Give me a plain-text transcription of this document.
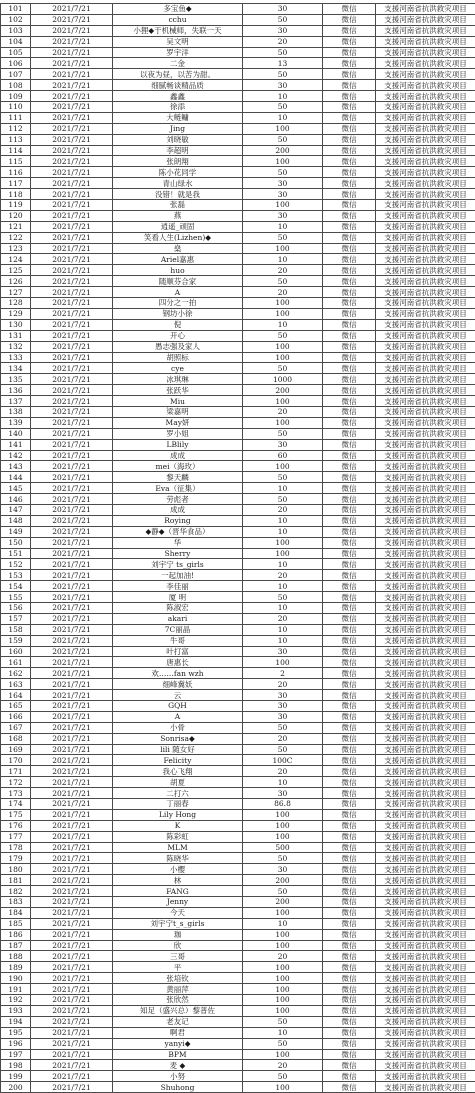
101	2021/7/21	多宝鱼◆	30	微信	支援河南省抗洪救灾项目
102	2021/7/21	cchu	50	微信	支援河南省抗洪救灾项目
103	2021/7/21	小狸◆于机械师，失联一天	30	微信	支援河南省抗洪救灾项目
104	2021/7/21	吴文明	20	微信	支援河南省抗洪救灾项目
105	2021/7/21	罗宇洋	50	微信	支援河南省抗洪救灾项目
106	2021/7/21	二金	13	微信	支援河南省抗洪救灾项目
107	2021/7/21	以夜为昼，以苦为甜。	50	微信	支援河南省抗洪救灾项目
108	2021/7/21	细腻畅谈精品质	30	微信	支援河南省抗洪救灾项目
109	2021/7/21	鑫鑫	10	微信	支援河南省抗洪救灾项目
110	2021/7/21	徐添	50	微信	支援河南省抗洪救灾项目
111	2021/7/21	大鲢鳙	10	微信	支援河南省抗洪救灾项目
112	2021/7/21	Jing	100	微信	支援河南省抗洪救灾项目
113	2021/7/21	刘晓敏	50	微信	支援河南省抗洪救灾项目
114	2021/7/21	李超明	200	微信	支援河南省抗洪救灾项目
115	2021/7/21	张朗翔	100	微信	支援河南省抗洪救灾项目
116	2021/7/21	陈小花同学	50	微信	支援河南省抗洪救灾项目
117	2021/7/21	青山绿水	30	微信	支援河南省抗洪救灾项目
118	2021/7/21	没错！就是我	30	微信	支援河南省抗洪救灾项目
119	2021/7/21	张磊	100	微信	支援河南省抗洪救灾项目
120	2021/7/21	燕	30	微信	支援河南省抗洪救灾项目
121	2021/7/21	逍遥_顽固	10	微信	支援河南省抗洪救灾项目
122	2021/7/21	笑看人生(Lizhen)◆	50	微信	支援河南省抗洪救灾项目
123	2021/7/21	燊	100	微信	支援河南省抗洪救灾项目
124	2021/7/21	Ariel嘉惠	10	微信	支援河南省抗洪救灾项目
125	2021/7/21	huo	20	微信	支援河南省抗洪救灾项目
126	2021/7/21	随顺芬合家	50	微信	支援河南省抗洪救灾项目
127	2021/7/21	A	20	微信	支援河南省抗洪救灾项目
128	2021/7/21	四分之一拍	100	微信	支援河南省抗洪救灾项目
129	2021/7/21	钢坊小徐	100	微信	支援河南省抗洪救灾项目
130	2021/7/21	倪	10	微信	支援河南省抗洪救灾项目
131	2021/7/21	开心	50	微信	支援河南省抗洪救灾项目
132	2021/7/21	愚志强及家人	100	微信	支援河南省抗洪救灾项目
133	2021/7/21	胡照标	100	微信	支援河南省抗洪救灾项目
134	2021/7/21	cye	50	微信	支援河南省抗洪救灾项目
135	2021/7/21	冰琪琳	1000	微信	支援河南省抗洪救灾项目
136	2021/7/21	张跃华	200	微信	支援河南省抗洪救灾项目
137	2021/7/21	Miu	100	微信	支援河南省抗洪救灾项目
138	2021/7/21	梁嘉明	20	微信	支援河南省抗洪救灾项目
139	2021/7/21	May妍	100	微信	支援河南省抗洪救灾项目
140	2021/7/21	罗小姐	50	微信	支援河南省抗洪救灾项目
141	2021/7/21	LBlily	30	微信	支援河南省抗洪救灾项目
142	2021/7/21	成成	60	微信	支援河南省抗洪救灾项目
143	2021/7/21	mei（海玫）	100	微信	支援河南省抗洪救灾项目
144	2021/7/21	黎天麟	50	微信	支援河南省抗洪救灾项目
145	2021/7/21	Eva（征集）	10	微信	支援河南省抗洪救灾项目
146	2021/7/21	劳彪者	50	微信	支援河南省抗洪救灾项目
147	2021/7/21	成成	20	微信	支援河南省抗洪救灾项目
148	2021/7/21	Roying	10	微信	支援河南省抗洪救灾项目
149	2021/7/21	◆静◆（晋华食品）	10	微信	支援河南省抗洪救灾项目
150	2021/7/21	华	100	微信	支援河南省抗洪救灾项目
151	2021/7/21	Sherry	100	微信	支援河南省抗洪救灾项目
152	2021/7/21	刘宇宁 ts_girls	10	微信	支援河南省抗洪救灾项目
153	2021/7/21	一起加油!	20	微信	支援河南省抗洪救灾项目
154	2021/7/21	李佳丽	10	微信	支援河南省抗洪救灾项目
155	2021/7/21	厦 明	50	微信	支援河南省抗洪救灾项目
156	2021/7/21	陈淑宏	10	微信	支援河南省抗洪救灾项目
157	2021/7/21	akari	20	微信	支援河南省抗洪救灾项目
158	2021/7/21	7C丽晶	10	微信	支援河南省抗洪救灾项目
159	2021/7/21	牛哥	10	微信	支援河南省抗洪救灾项目
160	2021/7/21	叶打富	30	微信	支援河南省抗洪救灾项目
161	2021/7/21	唐惠长	100	微信	支援河南省抗洪救灾项目
162	2021/7/21	欢……fan wzh	2	微信	支援河南省抗洪救灾项目
163	2021/7/21	细峰冀妖	20	微信	支援河南省抗洪救灾项目
164	2021/7/21	云	30	微信	支援河南省抗洪救灾项目
165	2021/7/21	GQH	30	微信	支援河南省抗洪救灾项目
166	2021/7/21	A	30	微信	支援河南省抗洪救灾项目
167	2021/7/21	小骨	50	微信	支援河南省抗洪救灾项目
168	2021/7/21	Sonrisa◆	20	微信	支援河南省抗洪救灾项目
169	2021/7/21	lili 随女好	50	微信	支援河南省抗洪救灾项目
170	2021/7/21	Felicity	100C	微信	支援河南省抗洪救灾项目
171	2021/7/21	我心飞翔	20	微信	支援河南省抗洪救灾项目
172	2021/7/21	胡夏	10	微信	支援河南省抗洪救灾项目
173	2021/7/21	二打六	30	微信	支援河南省抗洪救灾项目
174	2021/7/21	丁丽春	86.8	微信	支援河南省抗洪救灾项目
175	2021/7/21	Lily Hong	100	微信	支援河南省抗洪救灾项目
176	2021/7/21	K	100	微信	支援河南省抗洪救灾项目
177	2021/7/21	陈彩虹	100	微信	支援河南省抗洪救灾项目
178	2021/7/21	MLM	500	微信	支援河南省抗洪救灾项目
179	2021/7/21	陈晓华	50	微信	支援河南省抗洪救灾项目
180	2021/7/21	小樱	30	微信	支援河南省抗洪救灾项目
181	2021/7/21	林	200	微信	支援河南省抗洪救灾项目
182	2021/7/21	FANG	50	微信	支援河南省抗洪救灾项目
183	2021/7/21	Jenny	200	微信	支援河南省抗洪救灾项目
184	2021/7/21	今天	100	微信	支援河南省抗洪救灾项目
185	2021/7/21	刘宇宁t_s_girls	10	微信	支援河南省抗洪救灾项目
186	2021/7/21	珈	100	微信	支援河南省抗洪救灾项目
187	2021/7/21	欣	100	微信	支援河南省抗洪救灾项目
188	2021/7/21	三哥	20	微信	支援河南省抗洪救灾项目
189	2021/7/21	平	100	微信	支援河南省抗洪救灾项目
190	2021/7/21	张培钦	100	微信	支援河南省抗洪救灾项目
191	2021/7/21	黄丽萍	100	微信	支援河南省抗洪救灾项目
192	2021/7/21	张欣然	100	微信	支援河南省抗洪救灾项目
193	2021/7/21	知足（盛兴总）黎普佐	100	微信	支援河南省抗洪救灾项目
194	2021/7/21	老友记	50	微信	支援河南省抗洪救灾项目
195	2021/7/21	啊君	10	微信	支援河南省抗洪救灾项目
196	2021/7/21	yanyi◆	50	微信	支援河南省抗洪救灾项目
197	2021/7/21	BPM	100	微信	支援河南省抗洪救灾项目
198	2021/7/21	麦 ◆	20	微信	支援河南省抗洪救灾项目
199	2021/7/21	小努	50	微信	支援河南省抗洪救灾项目
200	2021/7/21	Shuhong	100	微信	支援河南省抗洪救灾项目
